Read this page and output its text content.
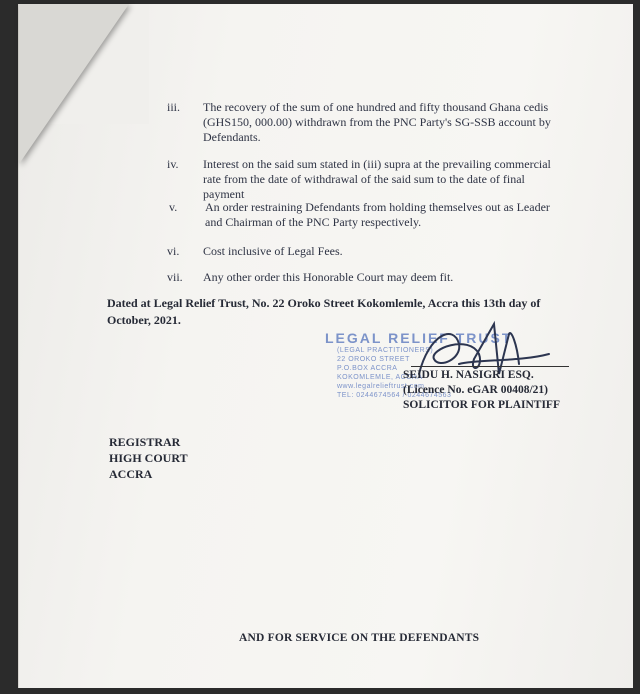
iii.	The recovery of the sum of one hundred and fifty thousand Ghana cedis (GHS150, 000.00) withdrawn from the PNC Party's SG-SSB account by Defendants.
iv.	Interest on the said sum stated in (iii) supra at the prevailing commercial rate from the date of withdrawal of the said sum to the date of final payment
v.	An order restraining Defendants from holding themselves out as Leader and Chairman of the PNC Party respectively.
vi.	Cost inclusive of Legal Fees.
vii.	Any other order this Honorable Court may deem fit.
Dated at Legal Relief Trust, No. 22 Oroko Street Kokomlemle, Accra this 13th day of October, 2021.
LEGAL RELIEF TRUST
(LEGAL PRACTITIONERS)
22 OROKO STREET
P.O.BOX ACCRA
KOKOMLEMLE, ACCRA
www.legalrelieftrust.com
TEL: 0244674564 / 0244674563
SEIDU H. NASIGRI ESQ.
(Licence No. eGAR 00408/21)
SOLICITOR FOR PLAINTIFF
REGISTRAR
HIGH COURT
ACCRA
AND FOR SERVICE ON THE DEFENDANTS
